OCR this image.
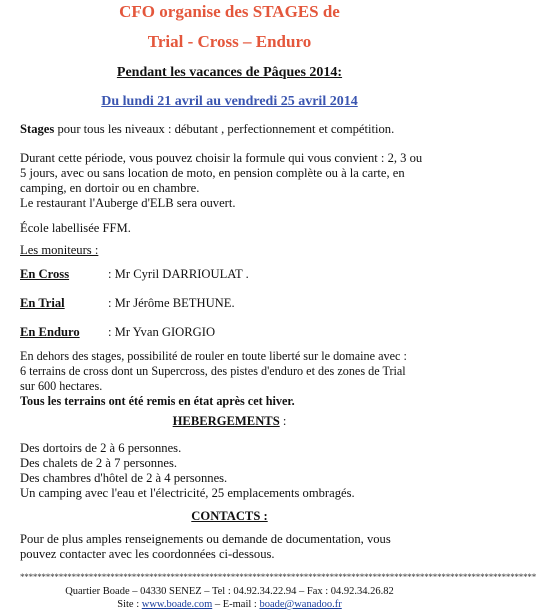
CFO organise des STAGES de
Trial - Cross – Enduro
Pendant les vacances de Pâques 2014:
Du lundi 21 avril au vendredi 25 avril 2014
Stages pour tous les niveaux : débutant , perfectionnement et compétition.
Durant cette période, vous pouvez choisir la formule qui vous convient : 2, 3 ou
5 jours, avec ou sans location de moto, en pension complète ou à la carte, en
camping, en dortoir ou en chambre.
Le restaurant l'Auberge d'ELB sera ouvert.
École labellisée FFM.
Les moniteurs :
En Cross	: Mr Cyril DARRIOULAT .
En Trial	: Mr Jérôme BETHUNE.
En Enduro : Mr Yvan GIORGIO
En dehors des stages, possibilité de rouler en toute liberté sur le domaine avec :
6 terrains de cross dont un Supercross, des pistes d'enduro et des zones de Trial
sur 600 hectares.
Tous les terrains ont été remis en état après cet hiver.
HEBERGEMENTS :
Des dortoirs de 2 à 6 personnes.
Des chalets de 2 à 7 personnes.
Des chambres d'hôtel de 2 à 4 personnes.
Un camping avec l'eau et l'électricité, 25 emplacements ombragés.
CONTACTS :
Pour de plus amples renseignements ou demande de documentation, vous
pouvez contacter avec les coordonnées ci-dessous.
************************************************************************************************************************
Quartier Boade – 04330 SENEZ – Tel : 04.92.34.22.94 – Fax : 04.92.34.26.82
Site : www.boade.com – E-mail : boade@wanadoo.fr
